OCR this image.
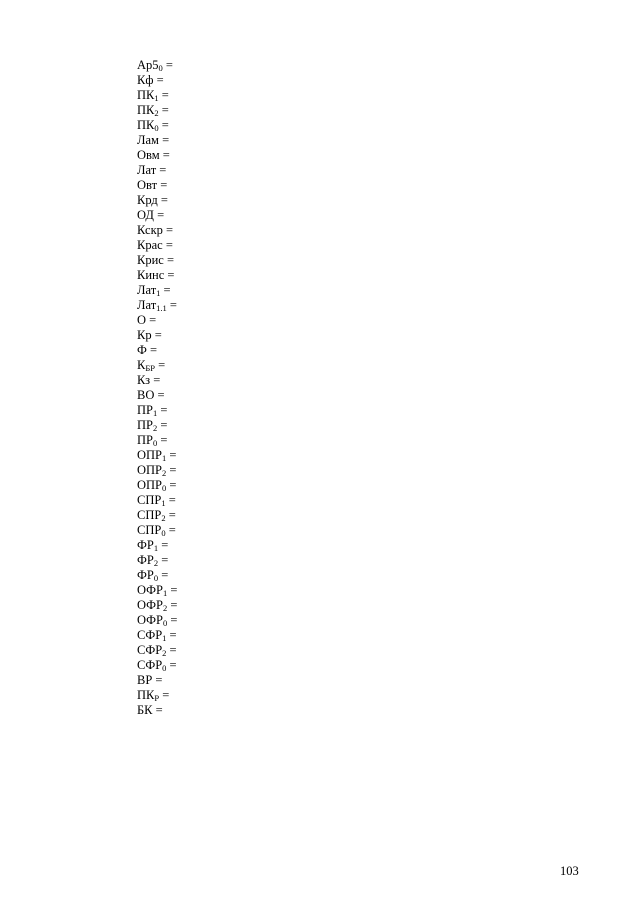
$Ар5_0$ =
Кф =
$ПК_1$ =
$ПК_2$ =
$ПК_0$ =
Лам =
Овм =
Лат =
Овт =
Крд =
ОД =
Кскр =
Крас =
Крис =
Кинс =
Лат$_1$ =
Лат$_{1.1}$ =
О =
Кр =
Ф =
$К_{БР}$ =
Кз =
ВО =
$ПР_1$ =
$ПР_2$ =
$ПР_0$ =
$ОПР_1$ =
$ОПР_2$ =
$ОПР_0$ =
$СПР_1$ =
$СПР_2$ =
$СПР_0$ =
$ФР_1$ =
$ФР_2$ =
$ФР_0$ =
$ОФР_1$ =
$ОФР_2$ =
$ОФР_0$ =
$СФР_1$ =
$СФР_2$ =
$СФР_0$ =
ВР =
$ПК_Р$ =
БК =
103
